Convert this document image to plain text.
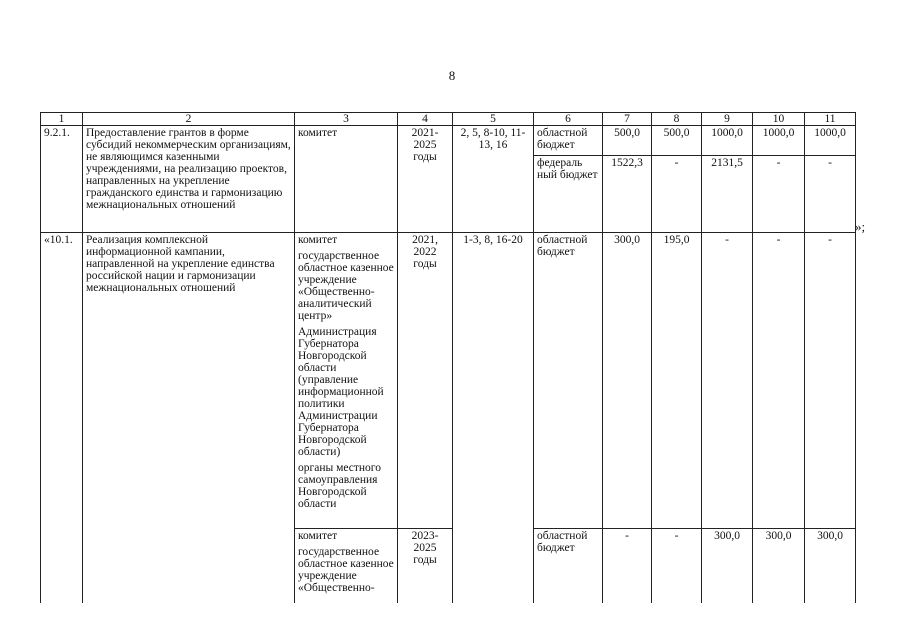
8
1	2	3	4	5	6	7	8	9	10	11
9.2.1.	Предоставление грантов в форме субсидий некоммерческим организациям, не являющимся казенными учреждениями, на реализацию проектов, направленных на укрепление гражданского единства и гармонизацию межнациональных отношений	комитет	2021-2025 годы	2, 5, 8-10, 11-13, 16	областной бюджет	500,0	500,0	1000,0	1000,0	1000,0
					федераль ный бюджет	1522,3	-	2131,5	-	-
«10.1.	Реализация комплексной информационной кампании, направленной на укрепление единства российской нации и гармонизации межнациональных отношений	комитет
государственное областное казенное учреждение «Общественно-аналитический центр»
Администрация Губернатора Новгородской области (управление информационной политики Администрации Губернатора Новгородской области)
органы местного самоуправления Новгородской области	2021, 2022 годы	1-3, 8, 16-20	областной бюджет	300,0	195,0	-	-	-

		комитет
государственное областное казенное учреждение «Общественно-	2023-2025 годы		областной бюджет	-	-	300,0	300,0	300,0
»;
